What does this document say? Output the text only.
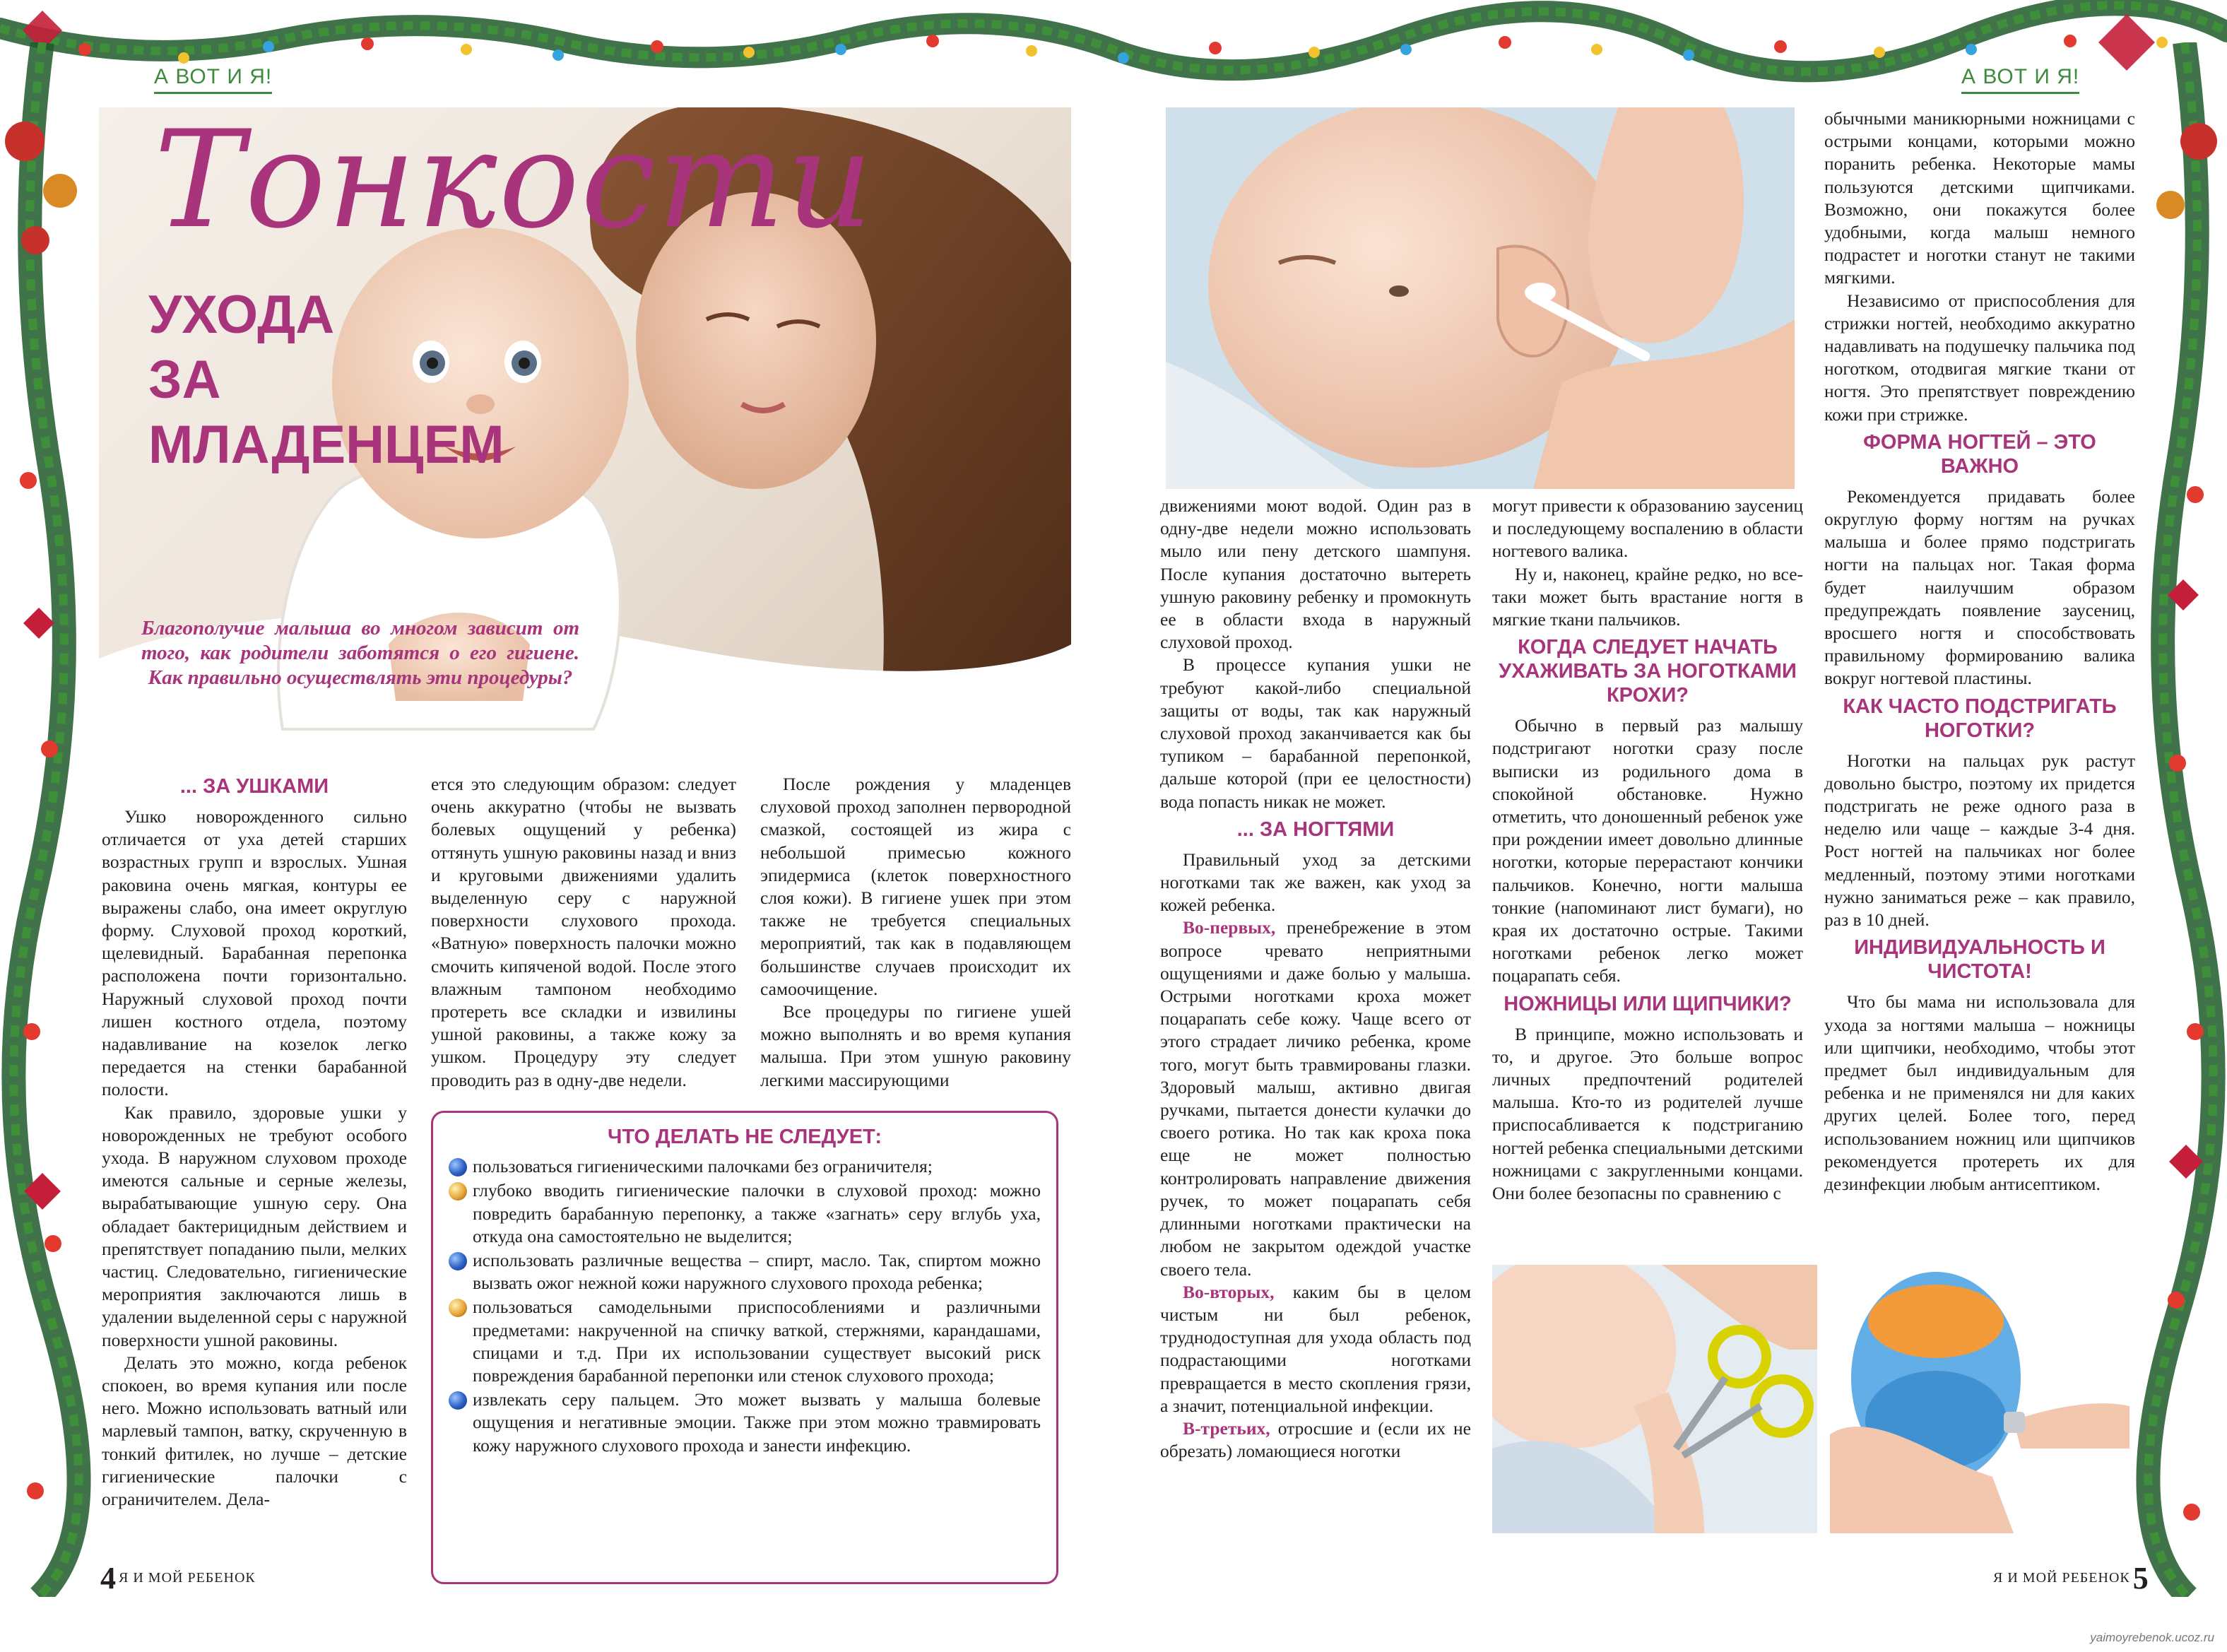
А ВОТ И Я!
Тонкости
УХОДА
ЗА
МЛАДЕНЦЕМ
Благополучие малыша во многом зависит от того, как родители заботятся о его гигиене. Как правильно осуществлять эти процедуры?
... ЗА УШКАМИ

Ушко новорожденного сильно отличается от уха детей старших возрастных групп и взрослых. Ушная раковина очень мягкая, контуры ее выражены слабо, она имеет округлую форму. Слуховой проход короткий, щелевидный. Барабанная перепонка расположена почти горизонтально. Наружный слуховой проход почти лишен костного отдела, поэтому надавливание на козелок легко передается на стенки барабанной полости.

Как правило, здоровые ушки у новорожденных не требуют особого ухода. В наружном слуховом проходе имеются сальные и серные железы, вырабатывающие ушную серу. Она обладает бактерицидным действием и препятствует попаданию пыли, мелких частиц. Следовательно, гигиенические мероприятия заключаются лишь в удалении выделенной серы с наружной поверхности ушной раковины.

Делать это можно, когда ребенок спокоен, во время купания или после него. Можно использовать ватный или марлевый тампон, ватку, скрученную в тонкий фитилек, но лучше – детские гигиенические палочки с ограничителем. Дела-

ется это следующим образом: следует очень аккуратно (чтобы не вызвать болевых ощущений у ребенка) оттянуть ушную раковины назад и вниз и круговыми движениями удалить выделенную серу с наружной поверхности слухового прохода. «Ватную» поверхность палочки можно смочить кипяченой водой. После этого влажным тампоном необходимо протереть все складки и извилины ушной раковины, а также кожу за ушком. Процедуру эту следует проводить раз в одну-две недели.

После рождения у младенцев слуховой проход заполнен первородной смазкой, состоящей из жира с небольшой примесью кожного эпидермиса (клеток поверхностного слоя кожи). В гигиене ушек при этом также не требуется специальных мероприятий, так как в подавляющем большинстве случаев происходит их самоочищение.

Все процедуры по гигиене ушей можно выполнять и во время купания малыша. При этом ушную раковину легкими массирующими

ЧТО ДЕЛАТЬ НЕ СЛЕДУЕТ:
пользоваться гигиеническими палочками без ограничителя;
глубоко вводить гигиенические палочки в слуховой проход: можно повредить барабанную перепонку, а также «загнать» серу вглубь уха, откуда она самостоятельно не выделится;
использовать различные вещества – спирт, масло. Так, спиртом можно вызвать ожог нежной кожи наружного слухового прохода ребенка;
пользоваться самодельными приспособлениями и различными предметами: накрученной на спичку ваткой, стержнями, карандашами, спицами и т.д. При их использовании существует высокий риск повреждения барабанной перепонки или стенок слухового прохода;
извлекать серу пальцем. Это может вызвать у малыша болевые ощущения и негативные эмоции. Также при этом можно травмировать кожу наружного слухового прохода и занести инфекцию.
4 Я И МОЙ РЕБЕНОК
А ВОТ И Я!
Я И МОЙ РЕБЕНОК 5

движениями моют водой. Один раз в одну-две недели можно использовать мыло или пену детского шампуня. После купания достаточно вытереть ушную раковину ребенку и промокнуть ее в области входа в наружный слуховой проход.

В процессе купания ушки не требуют какой-либо специальной защиты от воды, так как наружный слуховой проход заканчивается как бы тупиком – барабанной перепонкой, дальше которой (при ее целостности) вода попасть никак не может.

... ЗА НОГТЯМИ

Правильный уход за детскими ноготками так же важен, как уход за кожей ребенка.

Во-первых, пренебрежение в этом вопросе чревато неприятными ощущениями и даже болью у малыша. Острыми ноготками кроха может поцарапать себе кожу. Чаще всего от этого страдает личико ребенка, кроме того, могут быть травмированы глазки. Здоровый малыш, активно двигая ручками, пытается донести кулачки до своего ротика. Но так как кроха пока еще не может полностью контролировать направление движения ручек, то может поцарапать себя длинными ноготками практически на любом не закрытом одеждой участке своего тела.

Во-вторых, каким бы в целом чистым ни был ребенок, труднодоступная для ухода область под подрастающими ноготками превращается в место скопления грязи, а значит, потенциальной инфекции.

В-третьих, отросшие и (если их не обрезать) ломающиеся ноготки

могут привести к образованию заусениц и последующему воспалению в области ногтевого валика.

Ну и, наконец, крайне редко, но все-таки может быть врастание ногтя в мягкие ткани пальчиков.

КОГДА СЛЕДУЕТ НАЧАТЬ УХАЖИВАТЬ ЗА НОГОТКАМИ КРОХИ?

Обычно в первый раз малышу подстригают ноготки сразу после выписки из родильного дома в спокойной обстановке. Нужно отметить, что доношенный ребенок уже при рождении имеет довольно длинные ноготки, которые перерастают кончики пальчиков. Конечно, ногти малыша тонкие (напоминают лист бумаги), но края их достаточно острые. Такими ноготками ребенок легко может поцарапать себя.

НОЖНИЦЫ ИЛИ ЩИПЧИКИ?

В принципе, можно использовать и то, и другое. Это больше вопрос личных предпочтений родителей малыша. Кто-то из родителей лучше приспосабливается к подстриганию ногтей ребенка специальными детскими ножницами с закругленными концами. Они более безопасны по сравнению с

обычными маникюрными ножницами с острыми концами, которыми можно поранить ребенка. Некоторые мамы пользуются детскими щипчиками. Возможно, они покажутся более удобными, когда малыш немного подрастет и ноготки станут не такими мягкими.

Независимо от приспособления для стрижки ногтей, необходимо аккуратно надавливать на подушечку пальчика под ноготком, отодвигая мягкие ткани от ногтя. Это препятствует повреждению кожи при стрижке.

ФОРМА НОГТЕЙ – ЭТО ВАЖНО

Рекомендуется придавать более округлую форму ногтям на ручках малыша и более прямо подстригать ногти на пальцах ног. Такая форма будет наилучшим образом предупреждать появление заусениц, вросшего ногтя и способствовать правильному формированию валика вокруг ногтевой пластины.

КАК ЧАСТО ПОДСТРИГАТЬ НОГОТКИ?

Ноготки на пальцах рук растут довольно быстро, поэтому их придется подстригать не реже одного раза в неделю или чаще – каждые 3-4 дня. Рост ногтей на пальчиках ног более медленный, поэтому этими ноготками нужно заниматься реже – как правило, раз в 10 дней.

ИНДИВИДУАЛЬНОСТЬ И ЧИСТОТА!

Что бы мама ни использовала для ухода за ногтями малыша – ножницы или щипчики, необходимо, чтобы этот предмет был индивидуальным для ребенка и не применялся ни для каких других целей. Более того, перед использованием ножниц или щипчиков рекомендуется протереть их для дезинфекции любым антисептиком.

yaimoyrebenok.ucoz.ru
